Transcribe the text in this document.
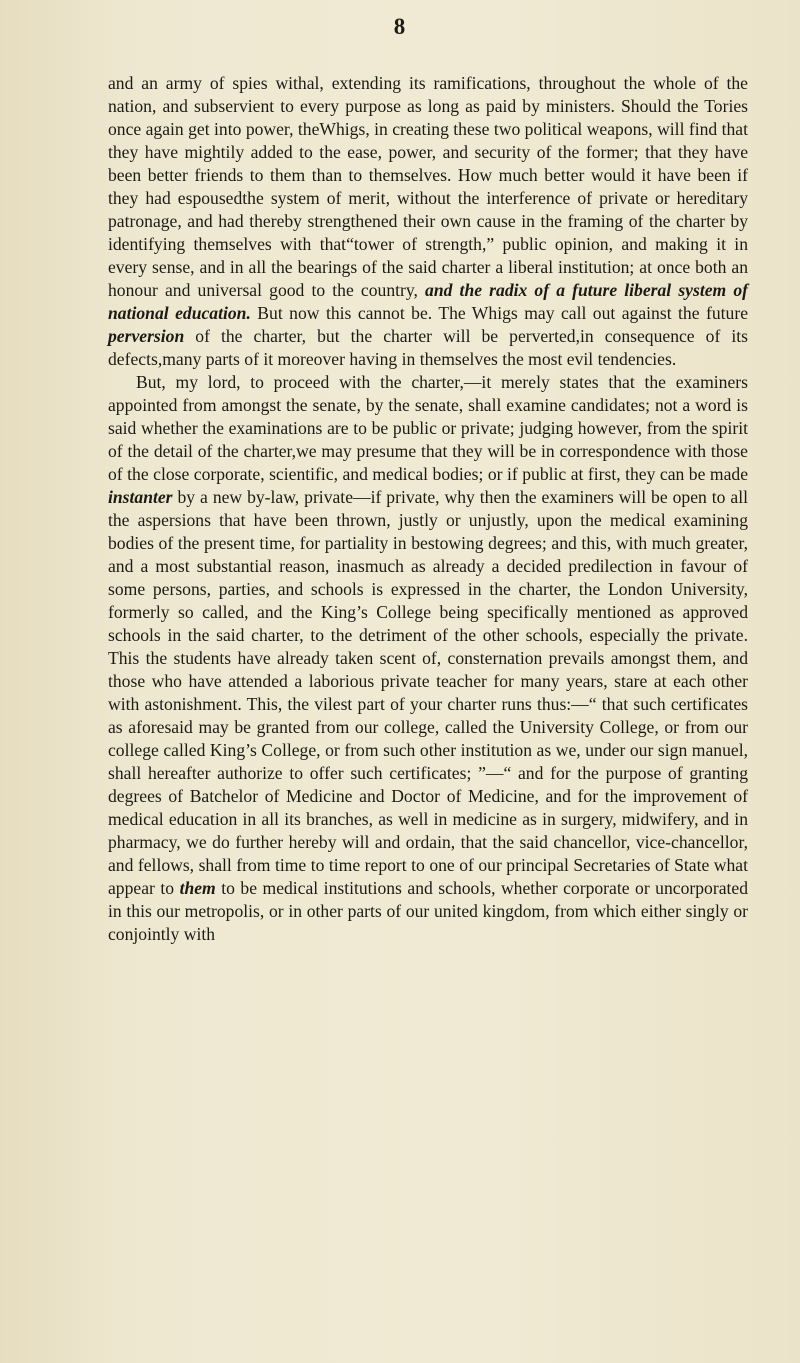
8

and an army of spies withal, extending its ramifications, throughout the whole of the nation, and subservient to every purpose as long as paid by ministers. Should the Tories once again get into power, theWhigs, in creating these two political weapons, will find that they have mightily added to the ease, power, and security of the former; that they have been better friends to them than to themselves. How much better would it have been if they had espousedthe system of merit, without the interference of private or hereditary patronage, and had thereby strengthened their own cause in the framing of the charter by identifying themselves with that“tower of strength,” public opinion, and making it in every sense, and in all the bearings of the said charter a liberal institution; at once both an honour and universal good to the country, and the radix of a future liberal system of national education. But now this cannot be. The Whigs may call out against the future perversion of the charter, but the charter will be perverted,in consequence of its defects,many parts of it moreover having in themselves the most evil tendencies.

But, my lord, to proceed with the charter,—it merely states that the examiners appointed from amongst the senate, by the senate, shall examine candidates; not a word is said whether the examinations are to be public or private; judging however, from the spirit of the detail of the charter,we may presume that they will be in correspondence with those of the close corporate, scientific, and medical bodies; or if public at first, they can be made instanter by a new by-law, private—if private, why then the examiners will be open to all the aspersions that have been thrown, justly or unjustly, upon the medical examining bodies of the present time, for partiality in bestowing degrees; and this, with much greater, and a most substantial reason, inasmuch as already a decided predilection in favour of some persons, parties, and schools is expressed in the charter, the London University, formerly so called, and the King’s College being specifically mentioned as approved schools in the said charter, to the detriment of the other schools, especially the private. This the students have already taken scent of, consternation prevails amongst them, and those who have attended a laborious private teacher for many years, stare at each other with astonishment. This, the vilest part of your charter runs thus:—“ that such certificates as aforesaid may be granted from our college, called the University College, or from our college called King’s College, or from such other institution as we, under our sign manuel, shall hereafter authorize to offer such certificates; ”—“ and for the purpose of granting degrees of Batchelor of Medicine and Doctor of Medicine, and for the improvement of medical education in all its branches, as well in medicine as in surgery, midwifery, and in pharmacy, we do further hereby will and ordain, that the said chancellor, vice-chancellor, and fellows, shall from time to time report to one of our principal Secretaries of State what appear to them to be medical institutions and schools, whether corporate or uncorporated in this our metropolis, or in other parts of our united kingdom, from which either singly or conjointly with
